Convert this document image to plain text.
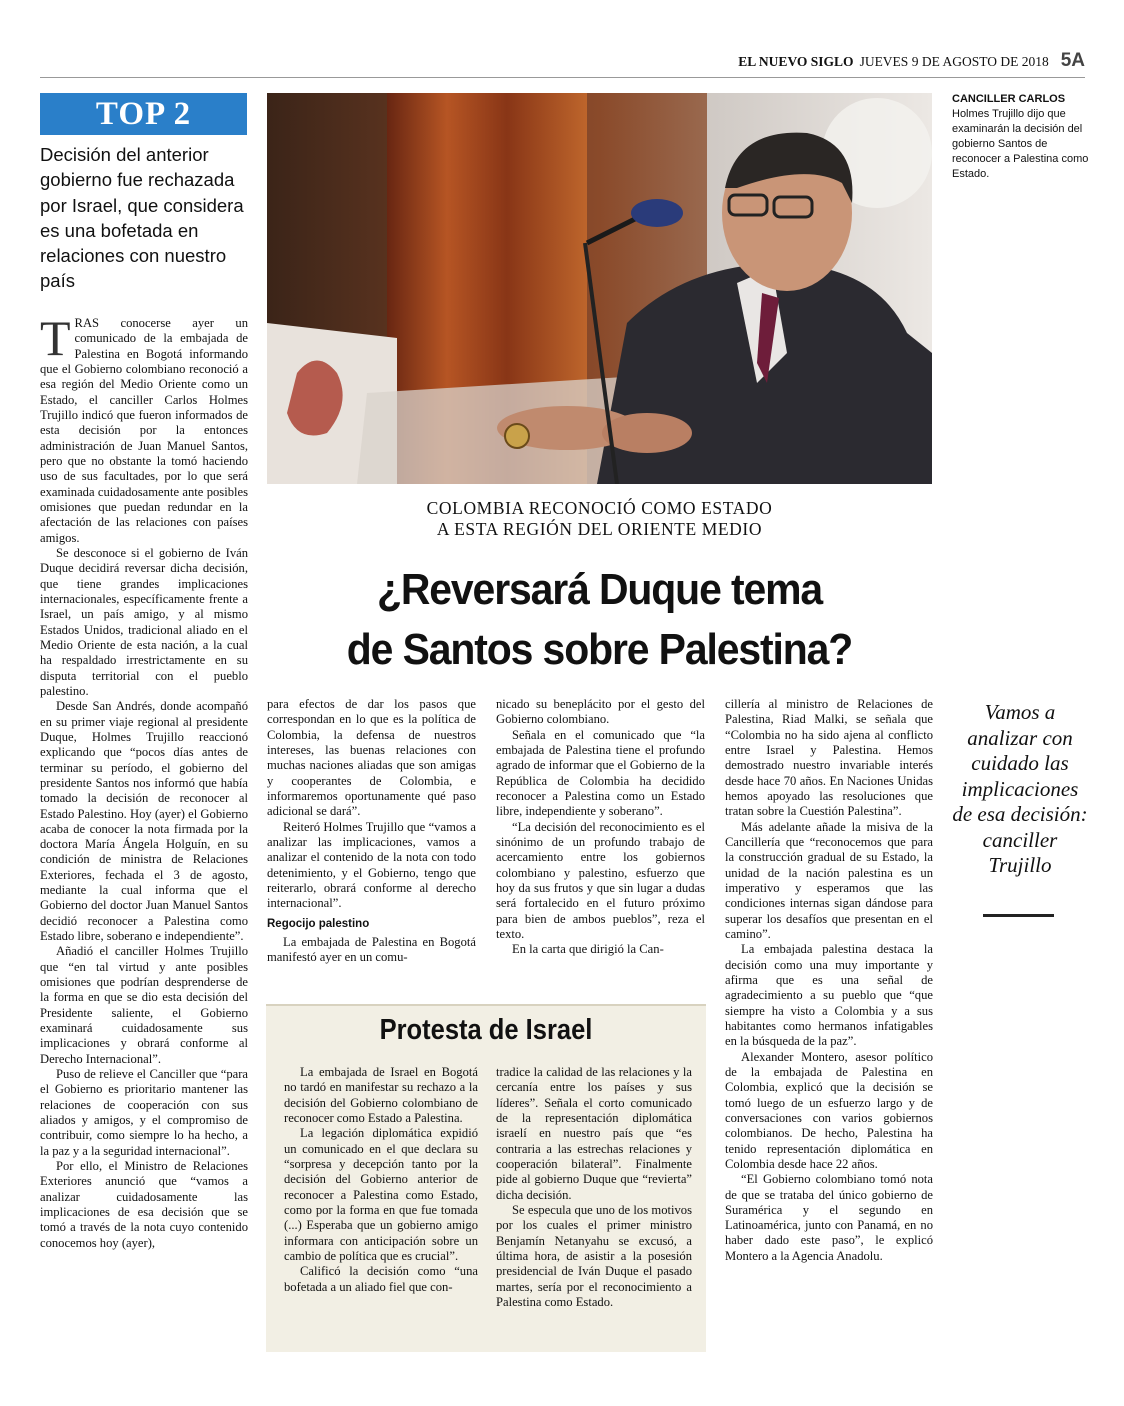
EL NUEVO SIGLO JUEVES 9 DE AGOSTO DE 2018 5A
TOP 2
Decisión del anterior gobierno fue rechazada por Israel, que considera es una bofetada en relaciones con nuestro país
CANCILLER CARLOS
Holmes Trujillo dijo que examinarán la decisión del gobierno Santos de reconocer a Palestina como Estado.
COLOMBIA RECONOCIÓ COMO ESTADO
A ESTA REGIÓN DEL ORIENTE MEDIO
¿Reversará Duque tema
de Santos sobre Palestina?

TRAS conocerse ayer un comunicado de la embajada de Palestina en Bogotá informando que el Gobierno colombiano reconoció a esa región del Medio Oriente como un Estado, el canciller Carlos Holmes Trujillo indicó que fueron informados de esta decisión por la entonces administración de Juan Manuel Santos, pero que no obstante la tomó haciendo uso de sus facultades, por lo que será examinada cuidadosamente ante posibles omisiones que puedan redundar en la afectación de las relaciones con países amigos.

Se desconoce si el gobierno de Iván Duque decidirá reversar dicha decisión, que tiene grandes implicaciones internacionales, específicamente frente a Israel, un país amigo, y al mismo Estados Unidos, tradicional aliado en el Medio Oriente de esta nación, a la cual ha respaldado irrestrictamente en su disputa territorial con el pueblo palestino.

Desde San Andrés, donde acompañó en su primer viaje regional al presidente Duque, Holmes Trujillo reaccionó explicando que “pocos días antes de terminar su período, el gobierno del presidente Santos nos informó que había tomado la decisión de reconocer al Estado Palestino. Hoy (ayer) el Gobierno acaba de conocer la nota firmada por la doctora María Ángela Holguín, en su condición de ministra de Relaciones Exteriores, fechada el 3 de agosto, mediante la cual informa que el Gobierno del doctor Juan Manuel Santos decidió reconocer a Palestina como Estado libre, soberano e independiente”.

Añadió el canciller Holmes Trujillo que “en tal virtud y ante posibles omisiones que podrían desprenderse de la forma en que se dio esta decisión del Presidente saliente, el Gobierno examinará cuidadosamente sus implicaciones y obrará conforme al Derecho Internacional”.

Puso de relieve el Canciller que “para el Gobierno es prioritario mantener las relaciones de cooperación con sus aliados y amigos, y el compromiso de contribuir, como siempre lo ha hecho, a la paz y a la seguridad internacional”.

Por ello, el Ministro de Relaciones Exteriores anunció que “vamos a analizar cuidadosamente las implicaciones de esa decisión que se tomó a través de la nota cuyo contenido conocemos hoy (ayer),

para efectos de dar los pasos que correspondan en lo que es la política de Colombia, la defensa de nuestros intereses, las buenas relaciones con muchas naciones aliadas que son amigas y cooperantes de Colombia, e informaremos oportunamente qué paso adicional se dará”.

Reiteró Holmes Trujillo que “vamos a analizar las implicaciones, vamos a analizar el contenido de la nota con todo detenimiento, y el Gobierno, tengo que reiterarlo, obrará conforme al derecho internacional”.

Regocijo palestino

La embajada de Palestina en Bogotá manifestó ayer en un comu-

nicado su beneplácito por el gesto del Gobierno colombiano.

Señala en el comunicado que “la embajada de Palestina tiene el profundo agrado de informar que el Gobierno de la República de Colombia ha decidido reconocer a Palestina como un Estado libre, independiente y soberano”.

“La decisión del reconocimiento es el sinónimo de un profundo trabajo de acercamiento entre los gobiernos colombiano y palestino, esfuerzo que hoy da sus frutos y que sin lugar a dudas será fortalecido en el futuro próximo para bien de ambos pueblos”, reza el texto.

En la carta que dirigió la Can-

cillería al ministro de Relaciones de Palestina, Riad Malki, se señala que “Colombia no ha sido ajena al conflicto entre Israel y Palestina. Hemos demostrado nuestro invariable interés desde hace 70 años. En Naciones Unidas hemos apoyado las resoluciones que tratan sobre la Cuestión Palestina”.

Más adelante añade la misiva de la Cancillería que “reconocemos que para la construcción gradual de su Estado, la unidad de la nación palestina es un imperativo y esperamos que las condiciones internas sigan dándose para superar los desafíos que presentan en el camino”.

La embajada palestina destaca la decisión como una muy importante y afirma que es una señal de agradecimiento a su pueblo que “que siempre ha visto a Colombia y a sus habitantes como hermanos infatigables en la búsqueda de la paz”.

Alexander Montero, asesor político de la embajada de Palestina en Colombia, explicó que la decisión se tomó luego de un esfuerzo largo y de conversaciones con varios gobiernos colombianos. De hecho, Palestina ha tenido representación diplomática en Colombia desde hace 22 años.

“El Gobierno colombiano tomó nota de que se trataba del único gobierno de Suramérica y el segundo en Latinoamérica, junto con Panamá, en no haber dado este paso”, le explicó Montero a la Agencia Anadolu.

Protesta de Israel

La embajada de Israel en Bogotá no tardó en manifestar su rechazo a la decisión del Gobierno colombiano de reconocer como Estado a Palestina.

La legación diplomática expidió un comunicado en el que declara su “sorpresa y decepción tanto por la decisión del Gobierno anterior de reconocer a Palestina como Estado, como por la forma en que fue tomada (...) Esperaba que un gobierno amigo informara con anticipación sobre un cambio de política que es crucial”.

Calificó la decisión como “una bofetada a un aliado fiel que con-

tradice la calidad de las relaciones y la cercanía entre los países y sus líderes”. Señala el corto comunicado de la representación diplomática israelí en nuestro país que “es contraria a las estrechas relaciones y cooperación bilateral”. Finalmente pide al gobierno Duque que “revierta” dicha decisión.

Se especula que uno de los motivos por los cuales el primer ministro Benjamín Netanyahu se excusó, a última hora, de asistir a la posesión presidencial de Iván Duque el pasado martes, sería por el reconocimiento a Palestina como Estado.

Vamos a analizar con cuidado las implicaciones de esa decisión: canciller Trujillo
